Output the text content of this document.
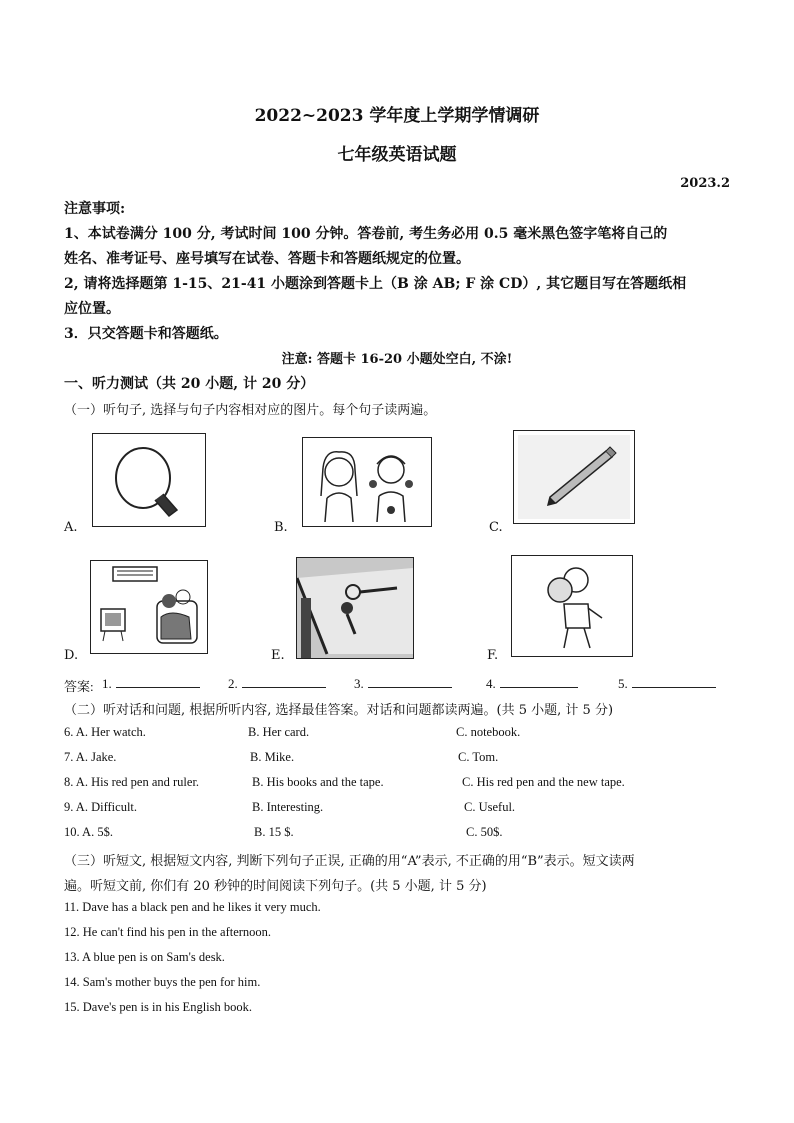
2022~2023 学年度上学期学情调研
七年级英语试题
2023.2
注意事项:
1、本试卷满分 100 分, 考试时间 100 分钟。答卷前, 考生务必用 0.5 毫米黑色签字笔将自己的
姓名、准考证号、座号填写在试卷、答题卡和答题纸规定的位置。
2, 请将选择题第 1-15、21-41 小题涂到答题卡上（B 涂 AB; F 涂 CD）, 其它题目写在答题纸相
应位置。
3．只交答题卡和答题纸。
注意: 答题卡 16-20 小题处空白, 不涂!
一、听力测试（共 20 小题, 计 20 分）
（一）听句子, 选择与句子内容相对应的图片。每个句子读两遍。
A.	B.	C.
D.	E.	F.
答案: 1.	2.	3.	4.	5.
（二）听对话和问题, 根据所听内容, 选择最佳答案。对话和问题都读两遍。(共 5 小题, 计 5 分)
6. A. Her watch.	B. Her card.	C. notebook.
7. A. Jake.	B. Mike.	C. Tom.
8. A. His red pen and ruler.	B. His books and the tape.	C. His red pen and the new tape.
9. A. Difficult.	B. Interesting.	C. Useful.
10. A. 5$.	B. 15 $.	C. 50$.
（三）听短文, 根据短文内容, 判断下列句子正误, 正确的用“A”表示, 不正确的用“B”表示。短文读两
遍。听短文前, 你们有 20 秒钟的时间阅读下列句子。(共 5 小题, 计 5 分)
11. Dave has a black pen and he likes it very much.
12. He can't find his pen in the afternoon.
13. A blue pen is on Sam's desk.
14. Sam's mother buys the pen for him.
15. Dave's pen is in his English book.
